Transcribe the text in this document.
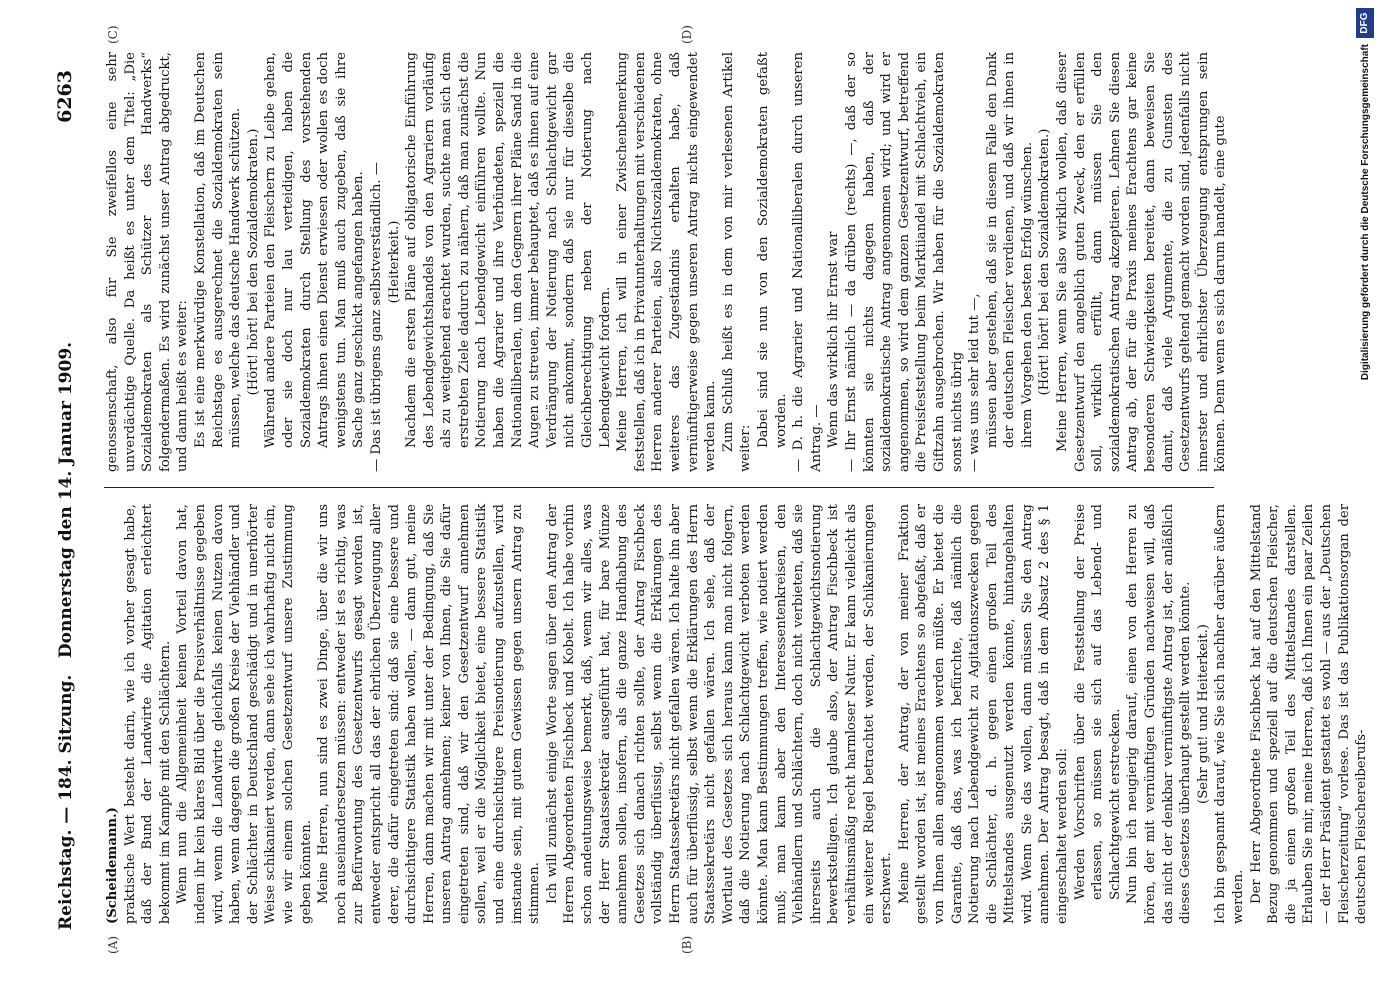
Reichstag. — 184. Sitzung.
Donnerstag den 14. Januar 1909.
6263
(A)	(B)
(C)	(D)

(Scheidemann.) praktische Wert besteht darin, wie ich vorher gesagt habe, daß der Bund der Landwirte die Agitation erleichtert bekommt im Kampfe mit den Schlächtern. Wenn nun die Allgemeinheit keinen Vorteil davon hat, indem ihr kein klares Bild über die Preisverhältnisse gegeben wird, wenn die Landwirte gleichfalls keinen Nutzen davon haben, wenn dagegen die großen Kreise der Viehhändler und der Schlächter in Deutschland geschädigt und in unerhörter Weise schikaniert werden, dann sehe ich wahrhaftig nicht ein, wie wir einem solchen Gesetzentwurf unsere Zustimmung geben könnten. Meine Herren, nun sind es zwei Dinge, über die wir uns noch auseinandersetzen müssen: entweder ist es richtig, was zur Befürwortung des Gesetzentwurfs gesagt worden ist, entweder entspricht all das der ehrlichen Überzeugung aller derer, die dafür eingetreten sind: daß sie eine bessere und durchsichtigere Statistik haben wollen, — dann gut, meine Herren, dann machen wir mit unter der Bedingung, daß Sie unseren Antrag annehmen; keiner von Ihnen, die Sie dafür eingetreten sind, daß wir den Gesetzentwurf annehmen sollen, weil er die Möglichkeit bietet, eine bessere Statistik und eine durchsichtigere Preisnotierung aufzustellen, wird imstande sein, mit gutem Gewissen gegen unsern Antrag zu stimmen. Ich will zunächst einige Worte sagen über den Antrag der Herren Abgeordneten Fischbeck und Kobelt. Ich habe vorhin schon andeutungsweise bemerkt, daß, wenn wir alles, was der Herr Staatssekretär ausgeführt hat, für bare Münze annehmen sollen, insofern, als die ganze Handhabung des Gesetzes sich danach richten sollte, der Antrag Fischbeck vollständig überflüssig, selbst wenn die Erklärungen des Herrn Staatssekretärs nicht gefallen wären. Ich halte ihn aber auch für überflüssig, selbst wenn die Erklärungen des Herrn Staatssekretärs nicht gefallen wären. Ich sehe, daß der Wortlaut des Gesetzes sich heraus kann man nicht folgern, daß die Notierung nach Schlachtgewicht verboten werden könnte. Man kann Bestimmungen treffen, wie notiert werden muß; man kann aber den Interessentenkreisen, den Viehhändlern und Schlächtern, doch nicht verbieten, daß sie ihrerseits auch die Schlachtgewichtsnotierung bewerkstelligen. Ich glaube also, der Antrag Fischbeck ist verhältnismäßig recht harmloser Natur. Er kann vielleicht als ein weiterer Riegel betrachtet werden, der Schikanierungen erschwert. Meine Herren, der Antrag, der von meiner Fraktion gestellt worden ist, ist meines Erachtens so abgefaßt, daß er von Ihnen allen angenommen werden müßte. Er bietet die Garantie, daß das, was ich befürchte, daß nämlich die Notierung nach Lebendgewicht zu Agitationszwecken gegen die Schlächter, d. h. gegen einen großen Teil des Mittelstandes ausgenutzt werden könnte, hintangehalten wird. Wenn Sie das wollen, dann müssen Sie den Antrag annehmen. Der Antrag besagt, daß in dem Absatz 2 des § 1 eingeschaltet werden soll: Werden Vorschriften über die Feststellung der Preise erlassen, so müssen sie sich auf das Lebend- und Schlachtgewicht erstrecken. Nun bin ich neugierig darauf, einen von den Herren zu hören, der mit vernünftigen Gründen nachweisen will, daß das nicht der denkbar vernünftigste Antrag ist, der anläßlich dieses Gesetzes überhaupt gestellt werden könnte. (Sehr gut! und Heiterkeit.) Ich bin gespannt darauf, wie Sie sich nachher darüber äußern werden. Der Herr Abgeordnete Fischbeck hat auf den Mittelstand Bezug genommen und speziell auf die deutschen Fleischer, die ja einen großen Teil des Mittelstandes darstellen. Erlauben Sie mir, meine Herren, daß ich Ihnen ein paar Zeilen — der Herr Präsident gestattet es wohl — aus der „Deutschen Fleischerzeitung“ vorlese. Das ist das Publikationsorgan der deutschen Fleischereiberufs-

genossenschaft, also für Sie zweifellos eine sehr unverdächtige Quelle. Da heißt es unter dem Titel: „Die Sozialdemokraten als Schützer des Handwerks“ folgendermaßen. Es wird zunächst unser Antrag abgedruckt, und dann heißt es weiter: Es ist eine merkwürdige Konstellation, daß im Deutschen Reichstage es ausgerechnet die Sozialdemokraten sein müssen, welche das deutsche Handwerk schützen. (Hört! hört! bei den Sozialdemokraten.) Während andere Parteien den Fleischern zu Leibe gehen, oder sie doch nur lau verteidigen, haben die Sozialdemokraten durch Stellung des vorstehenden Antrags ihnen einen Dienst erwiesen oder wollen es doch wenigstens tun. Man muß auch zugeben, daß sie ihre Sache ganz geschickt angefangen haben. — Das ist übrigens ganz selbstverständlich. — (Heiterkeit.) Nachdem die ersten Pläne auf obligatorische Einführung des Lebendgewichtshandels von den Agrariern vorläufig als zu weitgehend erachtet wurden, suchte man sich dem erstrebten Ziele dadurch zu nähern, daß man zunächst die Notierung nach Lebendgewicht einführen wollte. Nun haben die Agrarier und ihre Verbündeten, speziell die Nationalliberalen, um den Gegnern ihrer Pläne Sand in die Augen zu streuen, immer behauptet, daß es ihnen auf eine Verdrängung der Notierung nach Schlachtgewicht gar nicht ankommt, sondern daß sie nur für dieselbe die Gleichberechtigung neben der Notierung nach Lebendgewicht fordern. Meine Herren, ich will in einer Zwischenbemerkung feststellen, daß ich in Privatunterhaltungen mit verschiedenen Herren anderer Parteien, also Nichtsozialdemokraten, ohne weiteres das Zugeständnis erhalten habe, daß vernünftigerweise gegen unseren Antrag nichts eingewendet werden kann. Zum Schluß heißt es in dem von mir verlesenen Artikel weiter:

Dabei sind sie nun von den Sozialdemokraten gefaßt worden. — D. h. die Agrarier und Nationalliberalen durch unseren Antrag. — Wenn das wirklich ihr Ernst war — Ihr Ernst nämlich — da drüben (rechts) —, daß der so könnten sie nichts dagegen haben, daß der sozialdemokratische Antrag angenommen wird; und wird er angenommen, so wird dem ganzen Gesetzentwurf, betreffend die Preisfeststellung beim Marktiiandel mit Schlachtvieh, ein Giftzahn ausgebrochen. Wir haben für die Sozialdemokraten sonst nichts übrig — was uns sehr leid tut —, müssen aber gestehen, daß sie in diesem Falle den Dank der deutschen Fleischer verdienen, und daß wir ihnen in ihrem Vorgehen den besten Erfolg wünschen. (Hört! hört! bei den Sozialdemokraten.) Meine Herren, wenn Sie also wirklich wollen, daß dieser Gesetzentwurf den angeblich guten Zweck, den er erfüllen soll, wirklich erfüllt, dann müssen Sie den sozialdemokratischen Antrag akzeptieren. Lehnen Sie diesen Antrag ab, der für die Praxis meines Erachtens gar keine besonderen Schwierigkeiten bereitet, dann beweisen Sie damit, daß viele Argumente, die zu Gunsten des Gesetzentwurfs geltend gemacht worden sind, jedenfalls nicht innerster und ehrlichster Überzeugung entsprungen sein können. Denn wenn es sich darum handelt, eine gute	Digitalisierung gefördert durch die Deutsche Forschungsgemeinschaft
DFG
